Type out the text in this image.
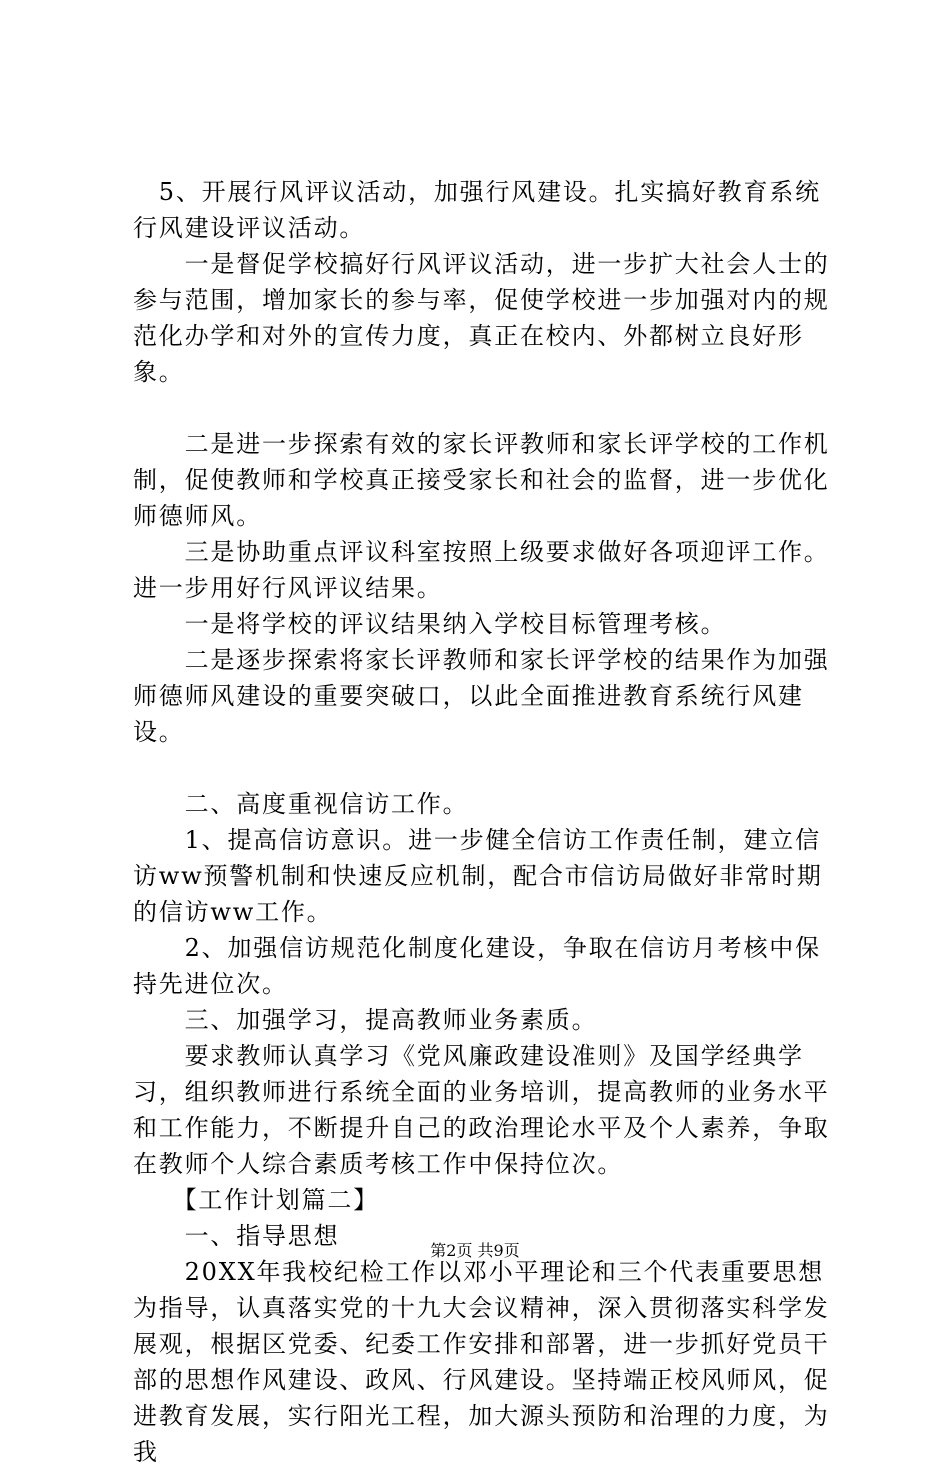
　5、开展行风评议活动，加强行风建设。扎实搞好教育系统行风建设评议活动。

　　一是督促学校搞好行风评议活动，进一步扩大社会人士的参与范围，增加家长的参与率，促使学校进一步加强对内的规范化办学和对外的宣传力度，真正在校内、外都树立良好形象。

　　二是进一步探索有效的家长评教师和家长评学校的工作机制，促使教师和学校真正接受家长和社会的监督，进一步优化师德师风。

　　三是协助重点评议科室按照上级要求做好各项迎评工作。进一步用好行风评议结果。

　　一是将学校的评议结果纳入学校目标管理考核。

　　二是逐步探索将家长评教师和家长评学校的结果作为加强师德师风建设的重要突破口，以此全面推进教育系统行风建设。

　　二、高度重视信访工作。

　　1、提高信访意识。进一步健全信访工作责任制，建立信访ww预警机制和快速反应机制，配合市信访局做好非常时期的信访ww工作。

　　2、加强信访规范化制度化建设，争取在信访月考核中保持先进位次。

　　三、加强学习，提高教师业务素质。

　　要求教师认真学习《党风廉政建设准则》及国学经典学习，组织教师进行系统全面的业务培训，提高教师的业务水平和工作能力，不断提升自己的政治理论水平及个人素养，争取在教师个人综合素质考核工作中保持位次。

　　【工作计划篇二】

　　一、指导思想

　　20XX年我校纪检工作以邓小平理论和三个代表重要思想为指导，认真落实党的十九大会议精神，深入贯彻落实科学发展观，根据区党委、纪委工作安排和部署，进一步抓好党员干部的思想作风建设、政风、行风建设。坚持端正校风师风，促进教育发展，实行阳光工程，加大源头预防和治理的力度，为我

第2页 共9页
